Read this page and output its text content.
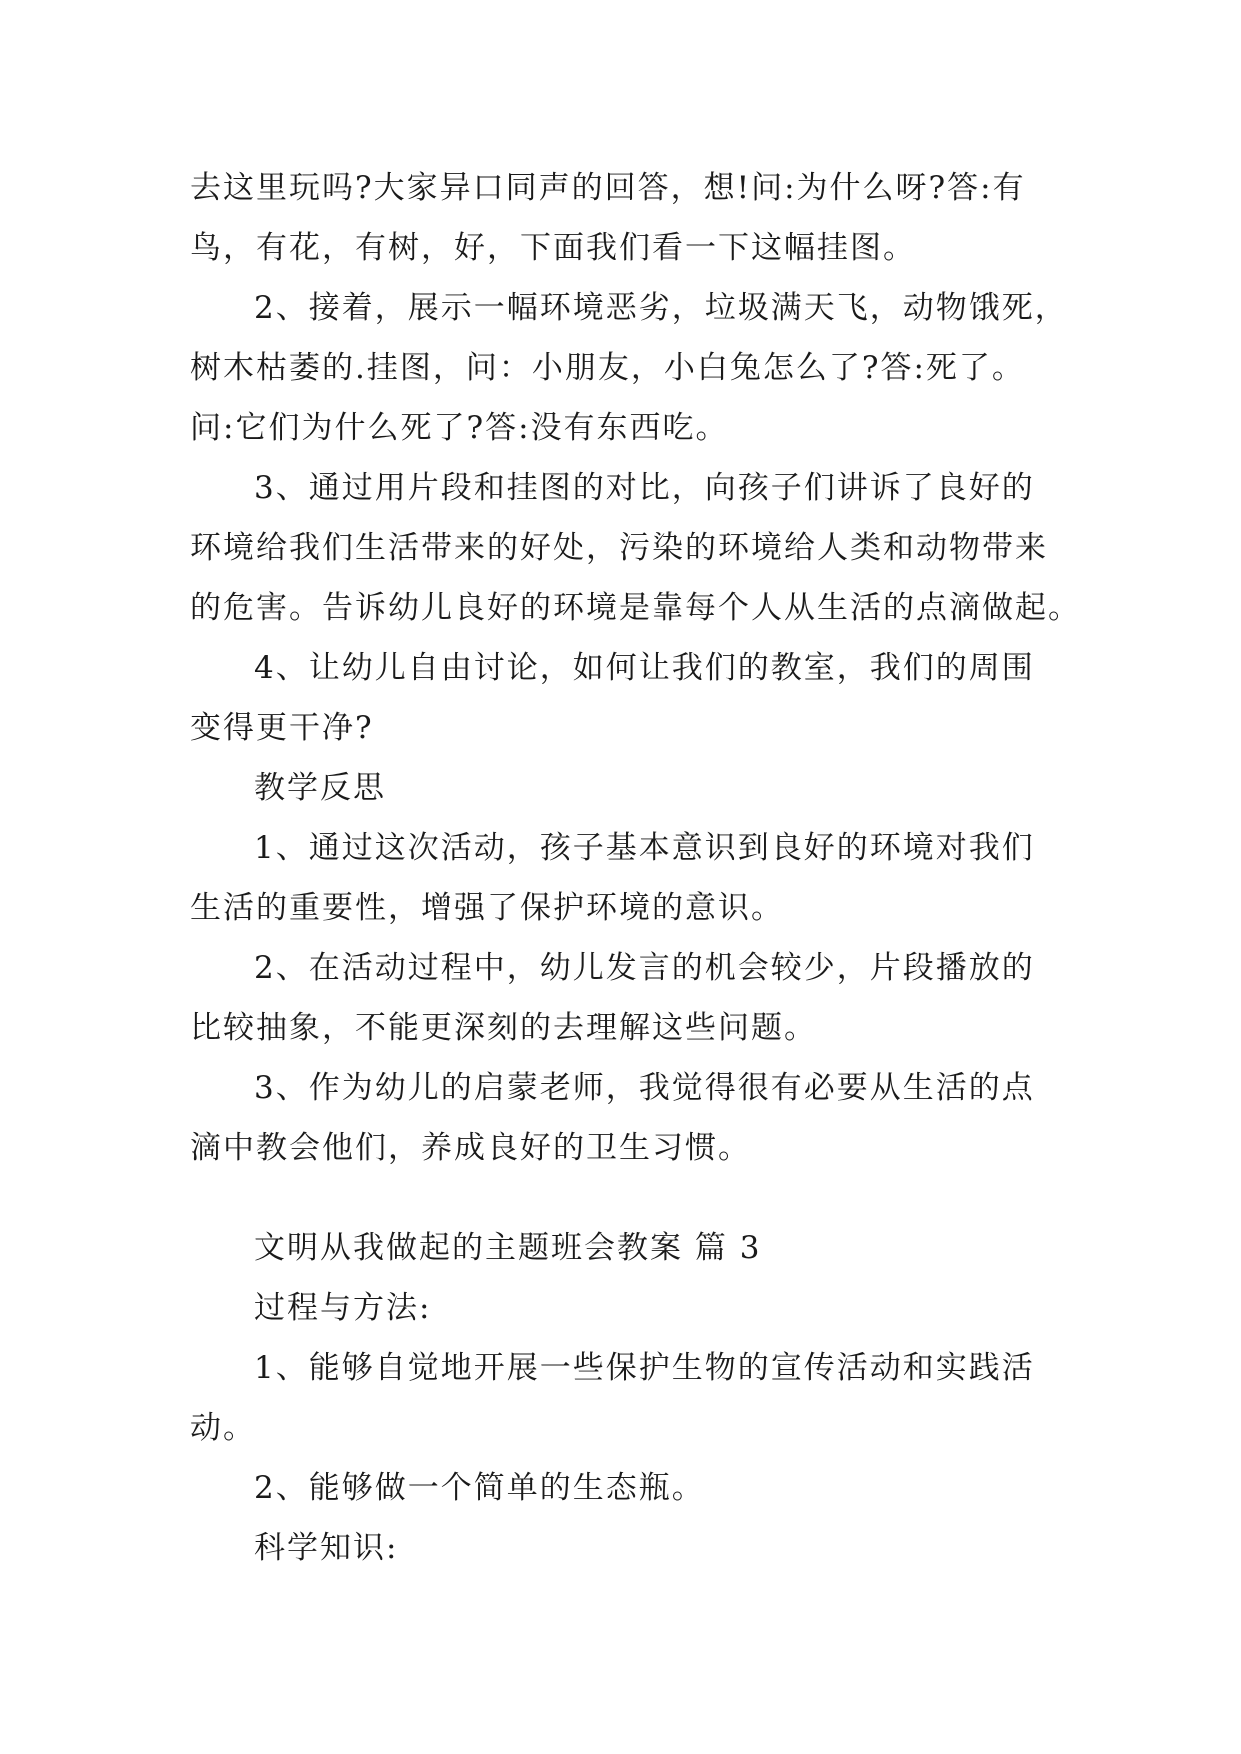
去这里玩吗?大家异口同声的回答，想!问:为什么呀?答:有
鸟，有花，有树，好，下面我们看一下这幅挂图。
2、接着，展示一幅环境恶劣，垃圾满天飞，动物饿死，
树木枯萎的.挂图，问：小朋友，小白兔怎么了?答:死了。
问:它们为什么死了?答:没有东西吃。
3、通过用片段和挂图的对比，向孩子们讲诉了良好的
环境给我们生活带来的好处，污染的环境给人类和动物带来
的危害。告诉幼儿良好的环境是靠每个人从生活的点滴做起。
4、让幼儿自由讨论，如何让我们的教室，我们的周围
变得更干净?
教学反思
1、通过这次活动，孩子基本意识到良好的环境对我们
生活的重要性，增强了保护环境的意识。
2、在活动过程中，幼儿发言的机会较少，片段播放的
比较抽象，不能更深刻的去理解这些问题。
3、作为幼儿的启蒙老师，我觉得很有必要从生活的点
滴中教会他们，养成良好的卫生习惯。
文明从我做起的主题班会教案 篇 3
过程与方法:
1、能够自觉地开展一些保护生物的宣传活动和实践活
动。
2、能够做一个简单的生态瓶。
科学知识:
